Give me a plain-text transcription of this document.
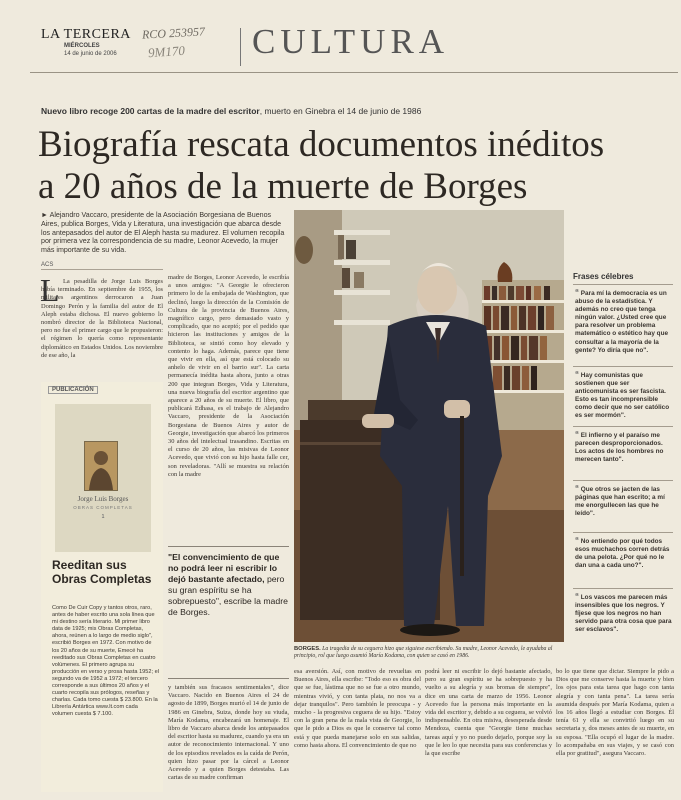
LA TERCERA
MIÉRCOLES
14 de junio de 2006
RCO 253957
9M170 CULTURA
Nuevo libro recoge 200 cartas de la madre del escritor, muerto en Ginebra el 14 de junio de 1986
Biografía rescata documentos inéditos
a 20 años de la muerte de Borges
► Alejandro Vaccaro, presidente de la Asociación Borgesiana de Buenos Aires, publica Borges, Vida y Literatura, una investigación que abarca desde los antepasados del autor de El Aleph hasta su madurez. El volumen recopila por primera vez la correspondencia de su madre, Leonor Acevedo, la mujer más importante de su vida.
ACS
L La pesadilla de Jorge Luis Borges había terminado. En septiembre de 1955, los militares argentinos derrocaron a Juan Domingo Perón y la familia del autor de El Aleph estaba dichosa. El nuevo gobierno lo nombró director de la Biblioteca Nacional, pero no fue el primer cargo que le propusieron: el régimen lo quería como representante diplomático en Estados Unidos. Los noviembre de ese año, la
PUBLICACIÓN
Jorge Luis Borges
OBRAS COMPLETAS
1
Reeditan sus Obras Completas
Como De Cuir Copy y tantos otros, raro, antes de haber escrito una sola línea que mi destino sería literario. Mi primer libro data de 1925; mis Obras Completas, ahora, reúnen a lo largo de medio siglo", escribió Borges en 1972. Con motivo de los 20 años de su muerte, Emecé ha reeditado sus Obras Completas en cuatro volúmenes. El primero agrupa su producción en verso y prosa hasta 1952; el segundo va de 1952 a 1972; el tercero corresponde a sus últimos 20 años y el cuarto recopila sus prólogos, reseñas y charlas. Cada tomo cuesta $ 23.800. En la Librería Antártica www.lt.com cada volumen cuesta $ 7.100.
madre de Borges, Leonor Acevedo, le escribía a unos amigos: "A Georgie le ofrecieron primero lo de la embajada de Washington, que declinó, luego la dirección de la Comisión de Cultura de la provincia de Buenos Aires, magnífico cargo, pero demasiado vasto y complicado, que no aceptó; por el pedido que hicieron las instituciones y amigos de la Biblioteca, se sintió como hoy elevado y contento lo haga. Además, parece que tiene que vivir en ella, así que está colocado su anhelo de vivir en el barrio sur". La carta permanecía inédita hasta ahora, junto a otras 200 que integran Borges, Vida y Literatura, una nueva biografía del escritor argentino que aparece a 20 años de su muerte. El libro, que publicará Edhasa, es el trabajo de Alejandro Vaccaro, presidente de la Asociación Borgesiana de Buenos Aires y autor de Georgie, investigación que abarcó los primeros 30 años del intelectual trasandino. Escritas en el curso de 20 años, las misivas de Leonor Acevedo, que vivió con su hijo hasta falle cer, son reveladoras. "Allí se muestra su relación con la madre
"El convencimiento de que no podrá leer ni escribir lo dejó bastante afectado, pero su gran espíritu se ha sobrepuesto", escribe la madre de Borges.
BORGES. La tragedia de su ceguera hizo que siguiese escribiendo. Su madre, Leonor Acevedo, le ayudaba al principio, rol que luego asumió María Kodama, con quien se casó en 1986.
y también sus fracasos sentimentales", dice Vaccaro. Nacido en Buenos Aires el 24 de agosto de 1899, Borges murió el 14 de junio de 1986 en Ginebra, Suiza, donde hoy su viuda, María Kodama, encabezará un homenaje. El libro de Vaccaro abarca desde los antepasados del escritor hasta su madurez, cuando ya era un autor de reconocimiento internacional. Y uno de los episodios revelados es la caída de Perón, quien hizo pasar por la cárcel a Leonor Acevedo y a quien Borges detestaba. Las cartas de su madre confirman
esa aversión. Así, con motivo de revueltas en Buenos Aires, ella escribe: "Todo eso es obra del que se fue, lástima que no se fue a otro mundo, mientras vivió, y con tanta plata, no nos va a dejar tranquilos". Pero también le preocupa - y mucho - la progresiva ceguera de su hijo. "Estoy con la gran pena de la mala vista de Georgie, lo que le pido a Dios es que le conserve tal como está y que pueda manejarse solo en sus salidas, como hasta ahora. El convencimiento de que no
podrá leer ni escribir lo dejó bastante afectado, pero su gran espíritu se ha sobrepuesto y ha vuelto a su alegría y sus bromas de siempre", dice en una carta de marzo de 1956. Leonor Acevedo fue la persona más importante en la vida del escritor y, debido a su ceguera, se volvió indispensable. En otra misiva, desesperada desde Mendoza, cuenta que "Georgie tiene muchas tareas aquí y yo no puedo dejarlo, porque soy la que le leo lo que necesita para sus conferencias y la que escribe
bo lo que tiene que dictar. Siempre le pido a Dios que me conserve hasta la muerte y bien los ojos para esta tarea que hago con tanta alegría y con tanta pena". La tarea sería asumida después por María Kodama, quien a los 16 años llegó a estudiar con Borges. Él tenía 61 y ella se convirtió luego en su secretaria y, dos meses antes de su muerte, en su esposa. "Ella ocupó el lugar de la madre. lo acompañaba en sus viajes, y se casó con ella por gratitud", asegura Vaccaro.
Frases célebres
“ Para mí la democracia es un abuso de la estadística. Y además no creo que tenga ningún valor. ¿Usted cree que para resolver un problema matemático o estético hay que consultar a la mayoría de la gente? Yo diría que no".
“ Hay comunistas que sostienen que ser anticomunista es ser fascista. Esto es tan incomprensible como decir que no ser católico es ser mormón".
“ El infierno y el paraíso me parecen desproporcionados. Los actos de los hombres no merecen tanto".
“ Que otros se jacten de las páginas que han escrito; a mí me enorgullecen las que he leído".
“ No entiendo por qué todos esos muchachos corren detrás de una pelota. ¿Por qué no le dan una a cada uno?".
“ Los vascos me parecen más insensibles que los negros. Y fíjese que los negros no han servido para otra cosa que para ser esclavos".
